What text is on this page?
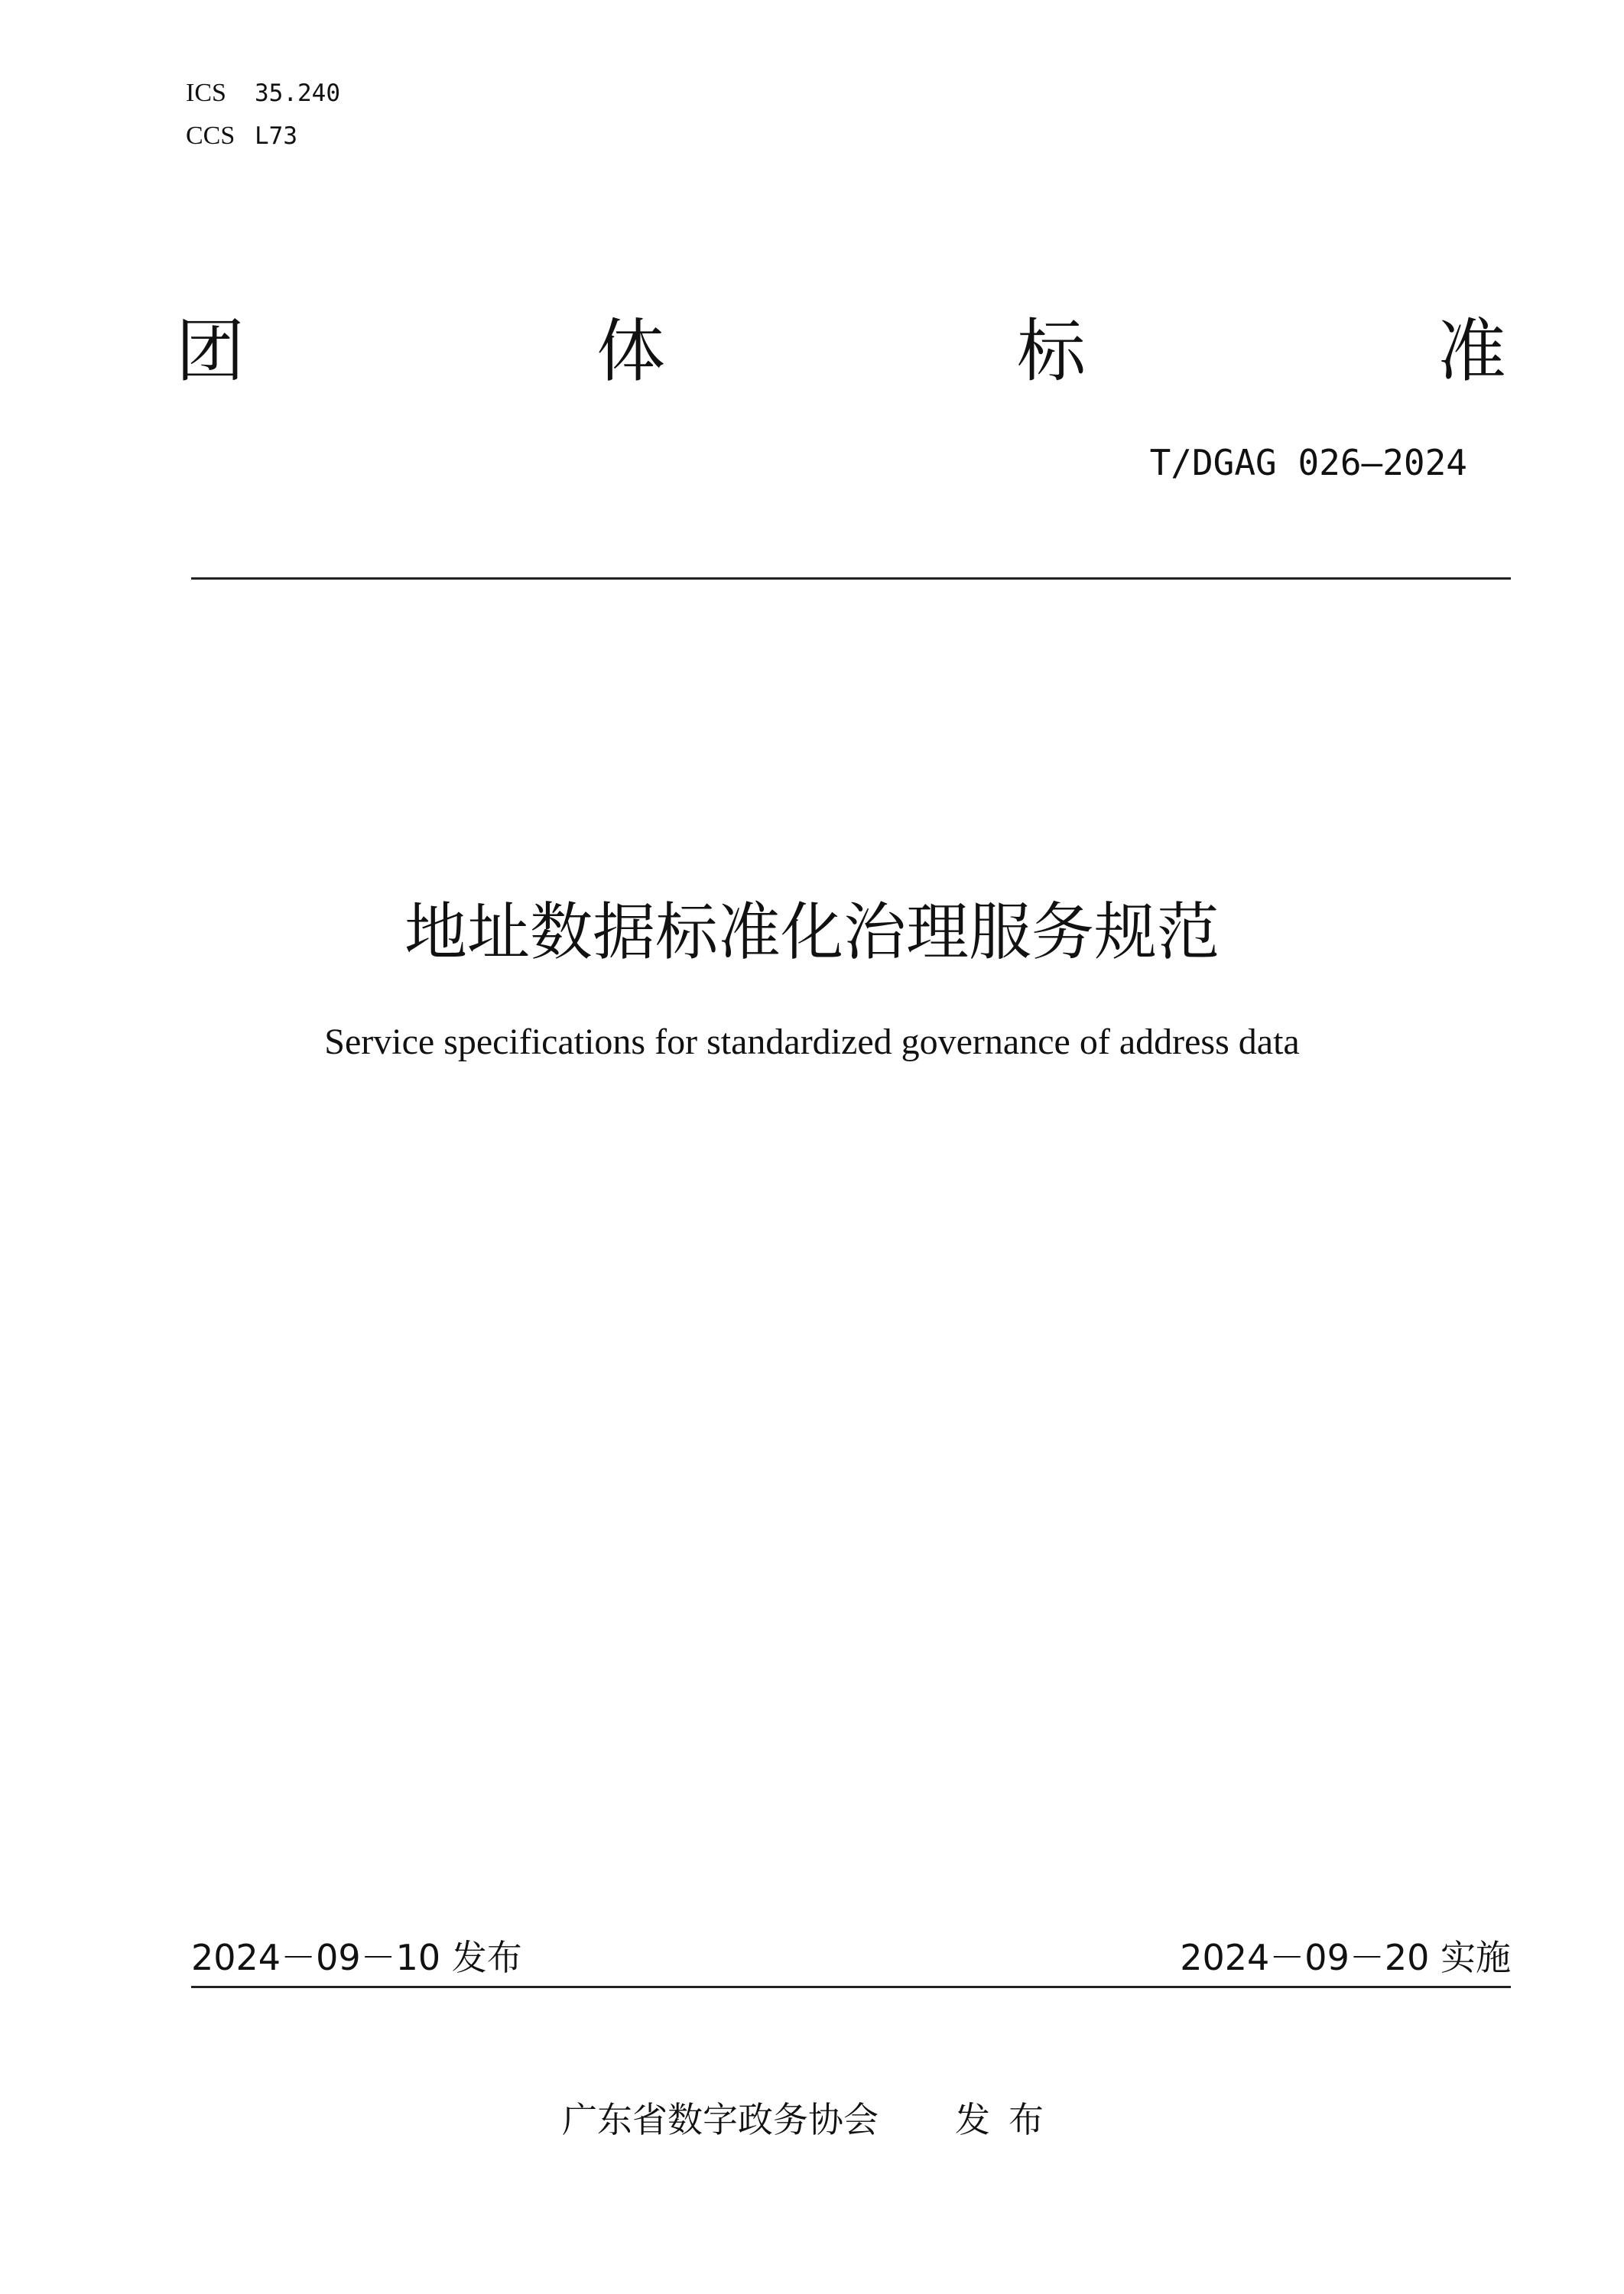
ICS 35.240
CCS L73
团	体	标	准
T/DGAG 026—2024
地址数据标准化治理服务规范
Service specifications for standardized governance of address data
2024－09－10 发布	2024－09－20 实施
广东省数字政务协会 发布
